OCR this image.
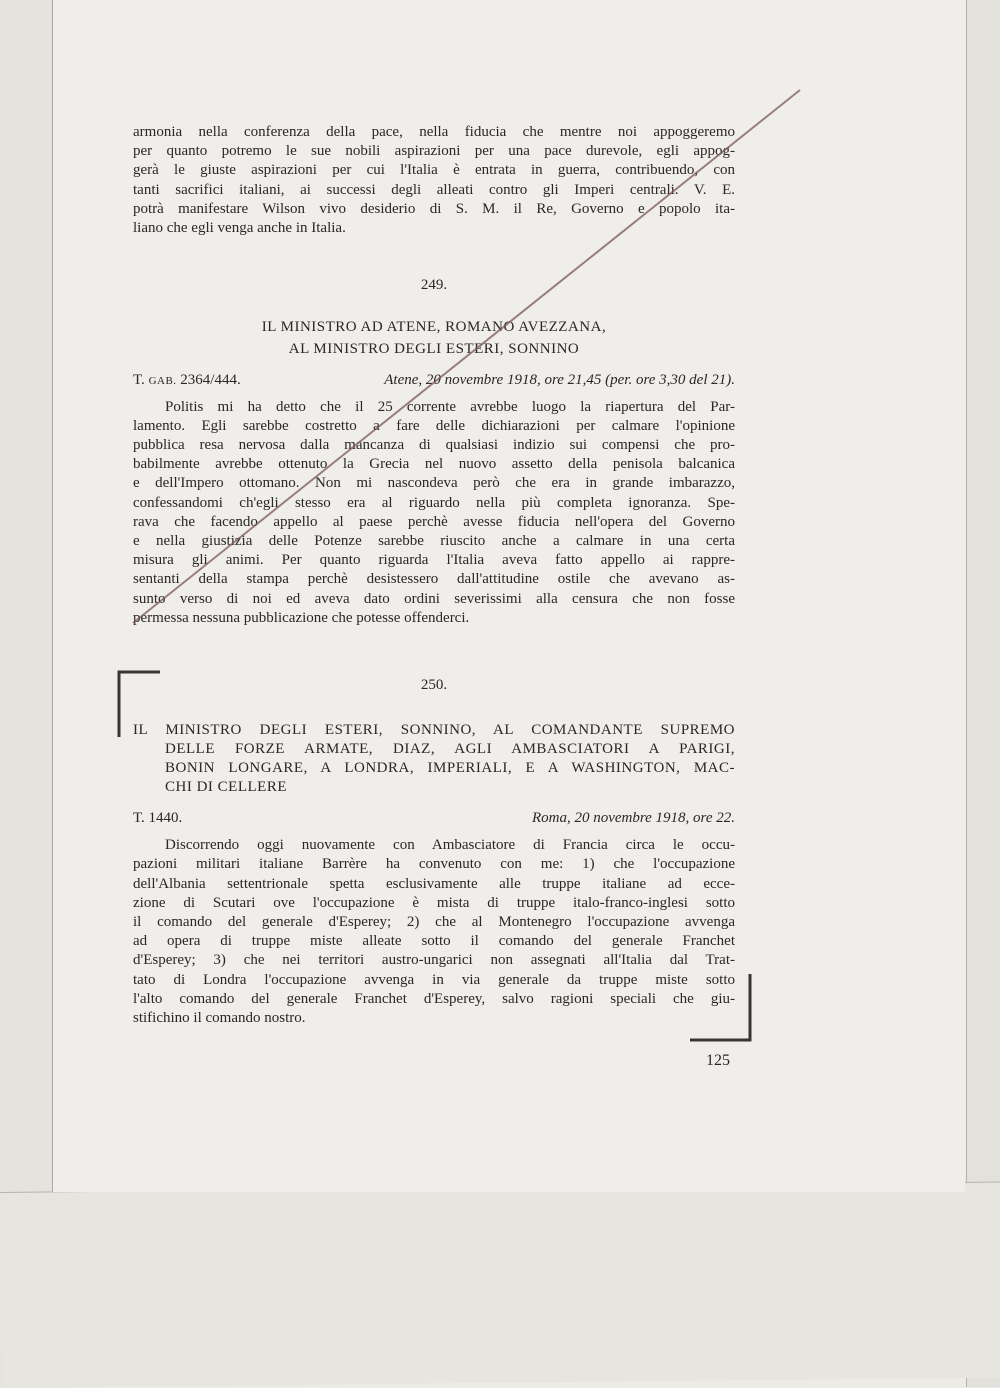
armonia nella conferenza della pace, nella fiducia che mentre noi appoggeremo
per quanto potremo le sue nobili aspirazioni per una pace durevole, egli appog-
gerà le giuste aspirazioni per cui l'Italia è entrata in guerra, contribuendo, con
tanti sacrifici italiani, ai successi degli alleati contro gli Imperi centrali. V. E.
potrà manifestare Wilson vivo desiderio di S. M. il Re, Governo e popolo ita-
liano che egli venga anche in Italia.
249.
IL MINISTRO AD ATENE, ROMANO AVEZZANA,
AL MINISTRO DEGLI ESTERI, SONNINO
T. GAB. 2364/444.	Atene, 20 novembre 1918, ore 21,45 (per. ore 3,30 del 21).
Politis mi ha detto che il 25 corrente avrebbe luogo la riapertura del Par-
lamento. Egli sarebbe costretto a fare delle dichiarazioni per calmare l'opinione
pubblica resa nervosa dalla mancanza di qualsiasi indizio sui compensi che pro-
babilmente avrebbe ottenuto la Grecia nel nuovo assetto della penisola balcanica
e dell'Impero ottomano. Non mi nascondeva però che era in grande imbarazzo,
confessandomi ch'egli stesso era al riguardo nella più completa ignoranza. Spe-
rava che facendo appello al paese perchè avesse fiducia nell'opera del Governo
e nella giustizia delle Potenze sarebbe riuscito anche a calmare in una certa
misura gli animi. Per quanto riguarda l'Italia aveva fatto appello ai rappre-
sentanti della stampa perchè desistessero dall'attitudine ostile che avevano as-
sunto verso di noi ed aveva dato ordini severissimi alla censura che non fosse
permessa nessuna pubblicazione che potesse offenderci.
250.
IL MINISTRO DEGLI ESTERI, SONNINO, AL COMANDANTE SUPREMO
DELLE FORZE ARMATE, DIAZ, AGLI AMBASCIATORI A PARIGI,
BONIN LONGARE, A LONDRA, IMPERIALI, E A WASHINGTON, MAC-
CHI DI CELLERE
T. 1440.	Roma, 20 novembre 1918, ore 22.
Discorrendo oggi nuovamente con Ambasciatore di Francia circa le occu-
pazioni militari italiane Barrère ha convenuto con me: 1) che l'occupazione
dell'Albania settentrionale spetta esclusivamente alle truppe italiane ad ecce-
zione di Scutari ove l'occupazione è mista di truppe italo-franco-inglesi sotto
il comando del generale d'Esperey; 2) che al Montenegro l'occupazione avvenga
ad opera di truppe miste alleate sotto il comando del generale Franchet
d'Esperey; 3) che nei territori austro-ungarici non assegnati all'Italia dal Trat-
tato di Londra l'occupazione avvenga in via generale da truppe miste sotto
l'alto comando del generale Franchet d'Esperey, salvo ragioni speciali che giu-
stifichino il comando nostro.
125
